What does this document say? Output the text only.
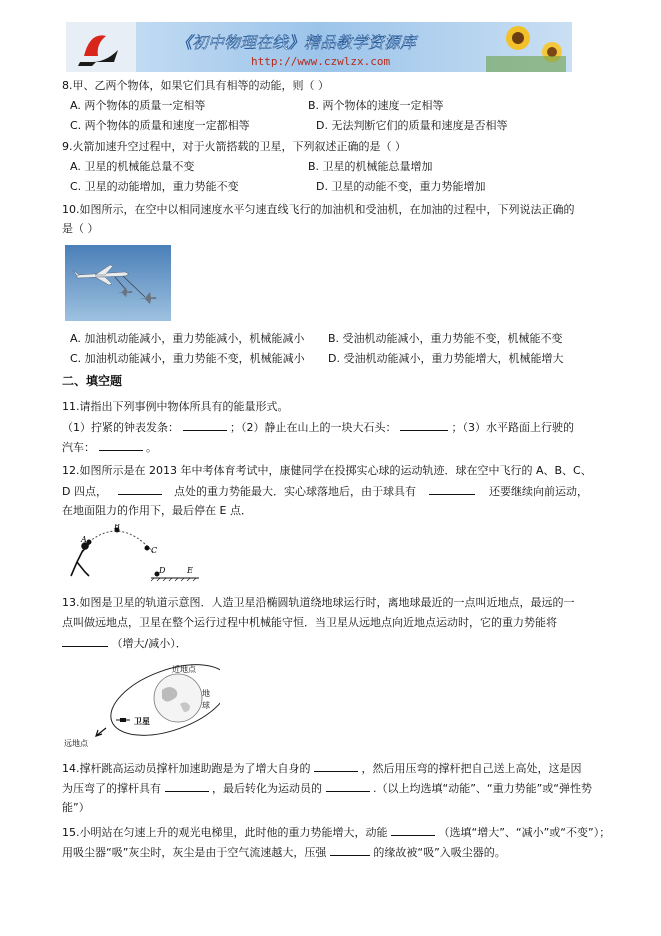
《初中物理在线》精品教学资源库
http://www.czwlzx.com
8.甲、乙两个物体，如果它们具有相等的动能，则（ ）
A. 两个物体的质量一定相等	B. 两个物体的速度一定相等
C. 两个物体的质量和速度一定都相等	D. 无法判断它们的质量和速度是否相等
9.火箭加速升空过程中，对于火箭搭载的卫星，下列叙述正确的是（ ）
A. 卫星的机械能总量不变	B. 卫星的机械能总量增加
C. 卫星的动能增加，重力势能不变	D. 卫星的动能不变，重力势能增加
10.如图所示，在空中以相同速度水平匀速直线飞行的加油机和受油机，在加油的过程中，下列说法正确的
是（ ）
A. 加油机动能减小，重力势能减小，机械能减小 B. 受油机动能减小，重力势能不变，机械能不变
C. 加油机动能减小，重力势能不变，机械能减小 D. 受油机动能减小，重力势能增大，机械能增大
二、填空题
11.请指出下列事例中物体所具有的能量形式。
（1）拧紧的钟表发条：	；（2）静止在山上的一块大石头：	；（3）水平路面上行驶的
汽车：	。
12.如图所示是在 2013 年中考体育考试中，康健同学在投掷实心球的运动轨迹．球在空中飞行的 A、B、C、
D 四点，	点处的重力势能最大．实心球落地后，由于球具有	还要继续向前运动，
在地面阻力的作用下，最后停在 E 点．
A
B
C
D	E
13.如图是卫星的轨道示意图．人造卫星沿椭圆轨道绕地球运行时，离地球最近的一点叫近地点，最远的一
点叫做远地点，卫星在整个运行过程中机械能守恒．当卫星从远地点向近地点运动时，它的重力势能将
（增大/减小）．
近地点
地
球
卫星
远地点
14.撑杆跳高运动员撑杆加速助跑是为了增大自身的	，然后用压弯的撑杆把自己送上高处，这是因
为压弯了的撑杆具有	，最后转化为运动员的	.（以上均选填“动能”、“重力势能”或“弹性势
能”）
15.小明站在匀速上升的观光电梯里，此时他的重力势能增大，动能	（选填“增大”、“减小”或“不变”）；
用吸尘器“吸”灰尘时，灰尘是由于空气流速越大，压强	的缘故被“吸”入吸尘器的。
